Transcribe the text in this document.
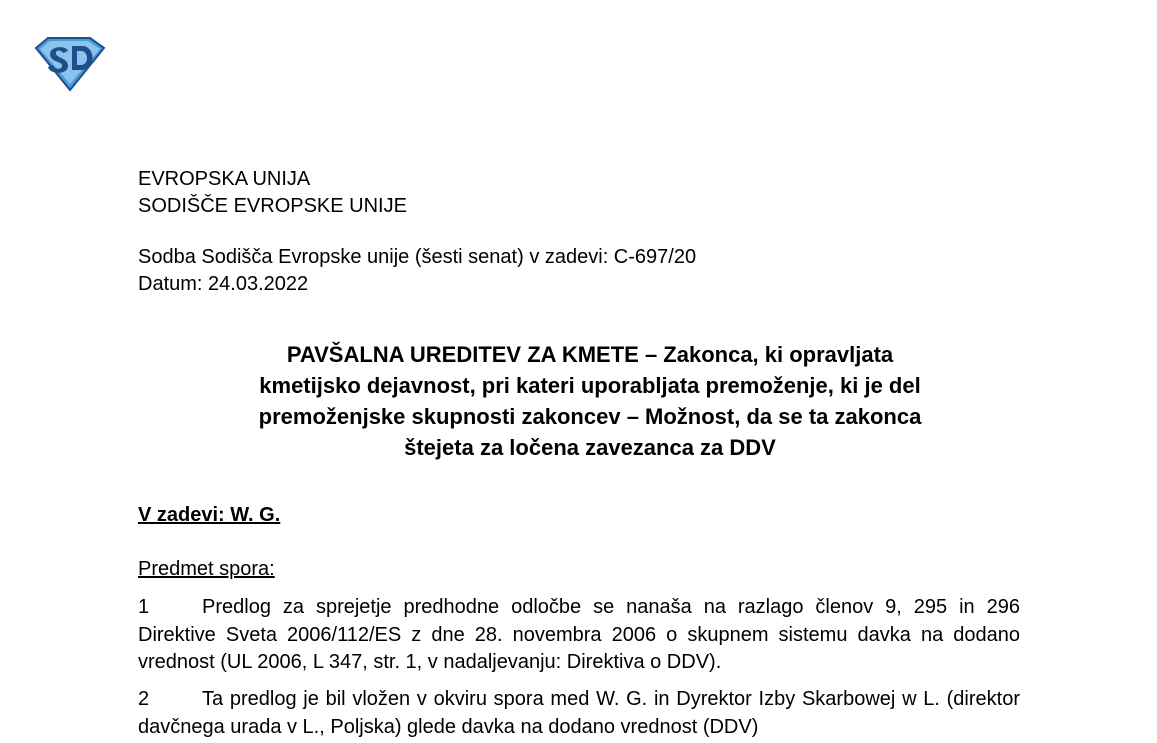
EVROPSKA UNIJA
SODIŠČE EVROPSKE UNIJE
Sodba Sodišča Evropske unije (šesti senat) v zadevi: C-697/20
Datum: 24.03.2022
PAVŠALNA UREDITEV ZA KMETE – Zakonca, ki opravljata
kmetijsko dejavnost, pri kateri uporabljata premoženje, ki je del
premoženjske skupnosti zakoncev – Možnost, da se ta zakonca
štejeta za ločena zavezanca za DDV
V zadevi: W. G.
Predmet spora:
1	Predlog za sprejetje predhodne odločbe se nanaša na razlago členov 9, 295 in 296 Direktive Sveta 2006/112/ES z dne 28. novembra 2006 o skupnem sistemu davka na dodano vrednost (UL 2006, L 347, str. 1, v nadaljevanju: Direktiva o DDV).
2	Ta predlog je bil vložen v okviru spora med W. G. in Dyrektor Izby Skarbowej w L. (direktor davčnega urada v L., Poljska) glede davka na dodano vrednost (DDV)
